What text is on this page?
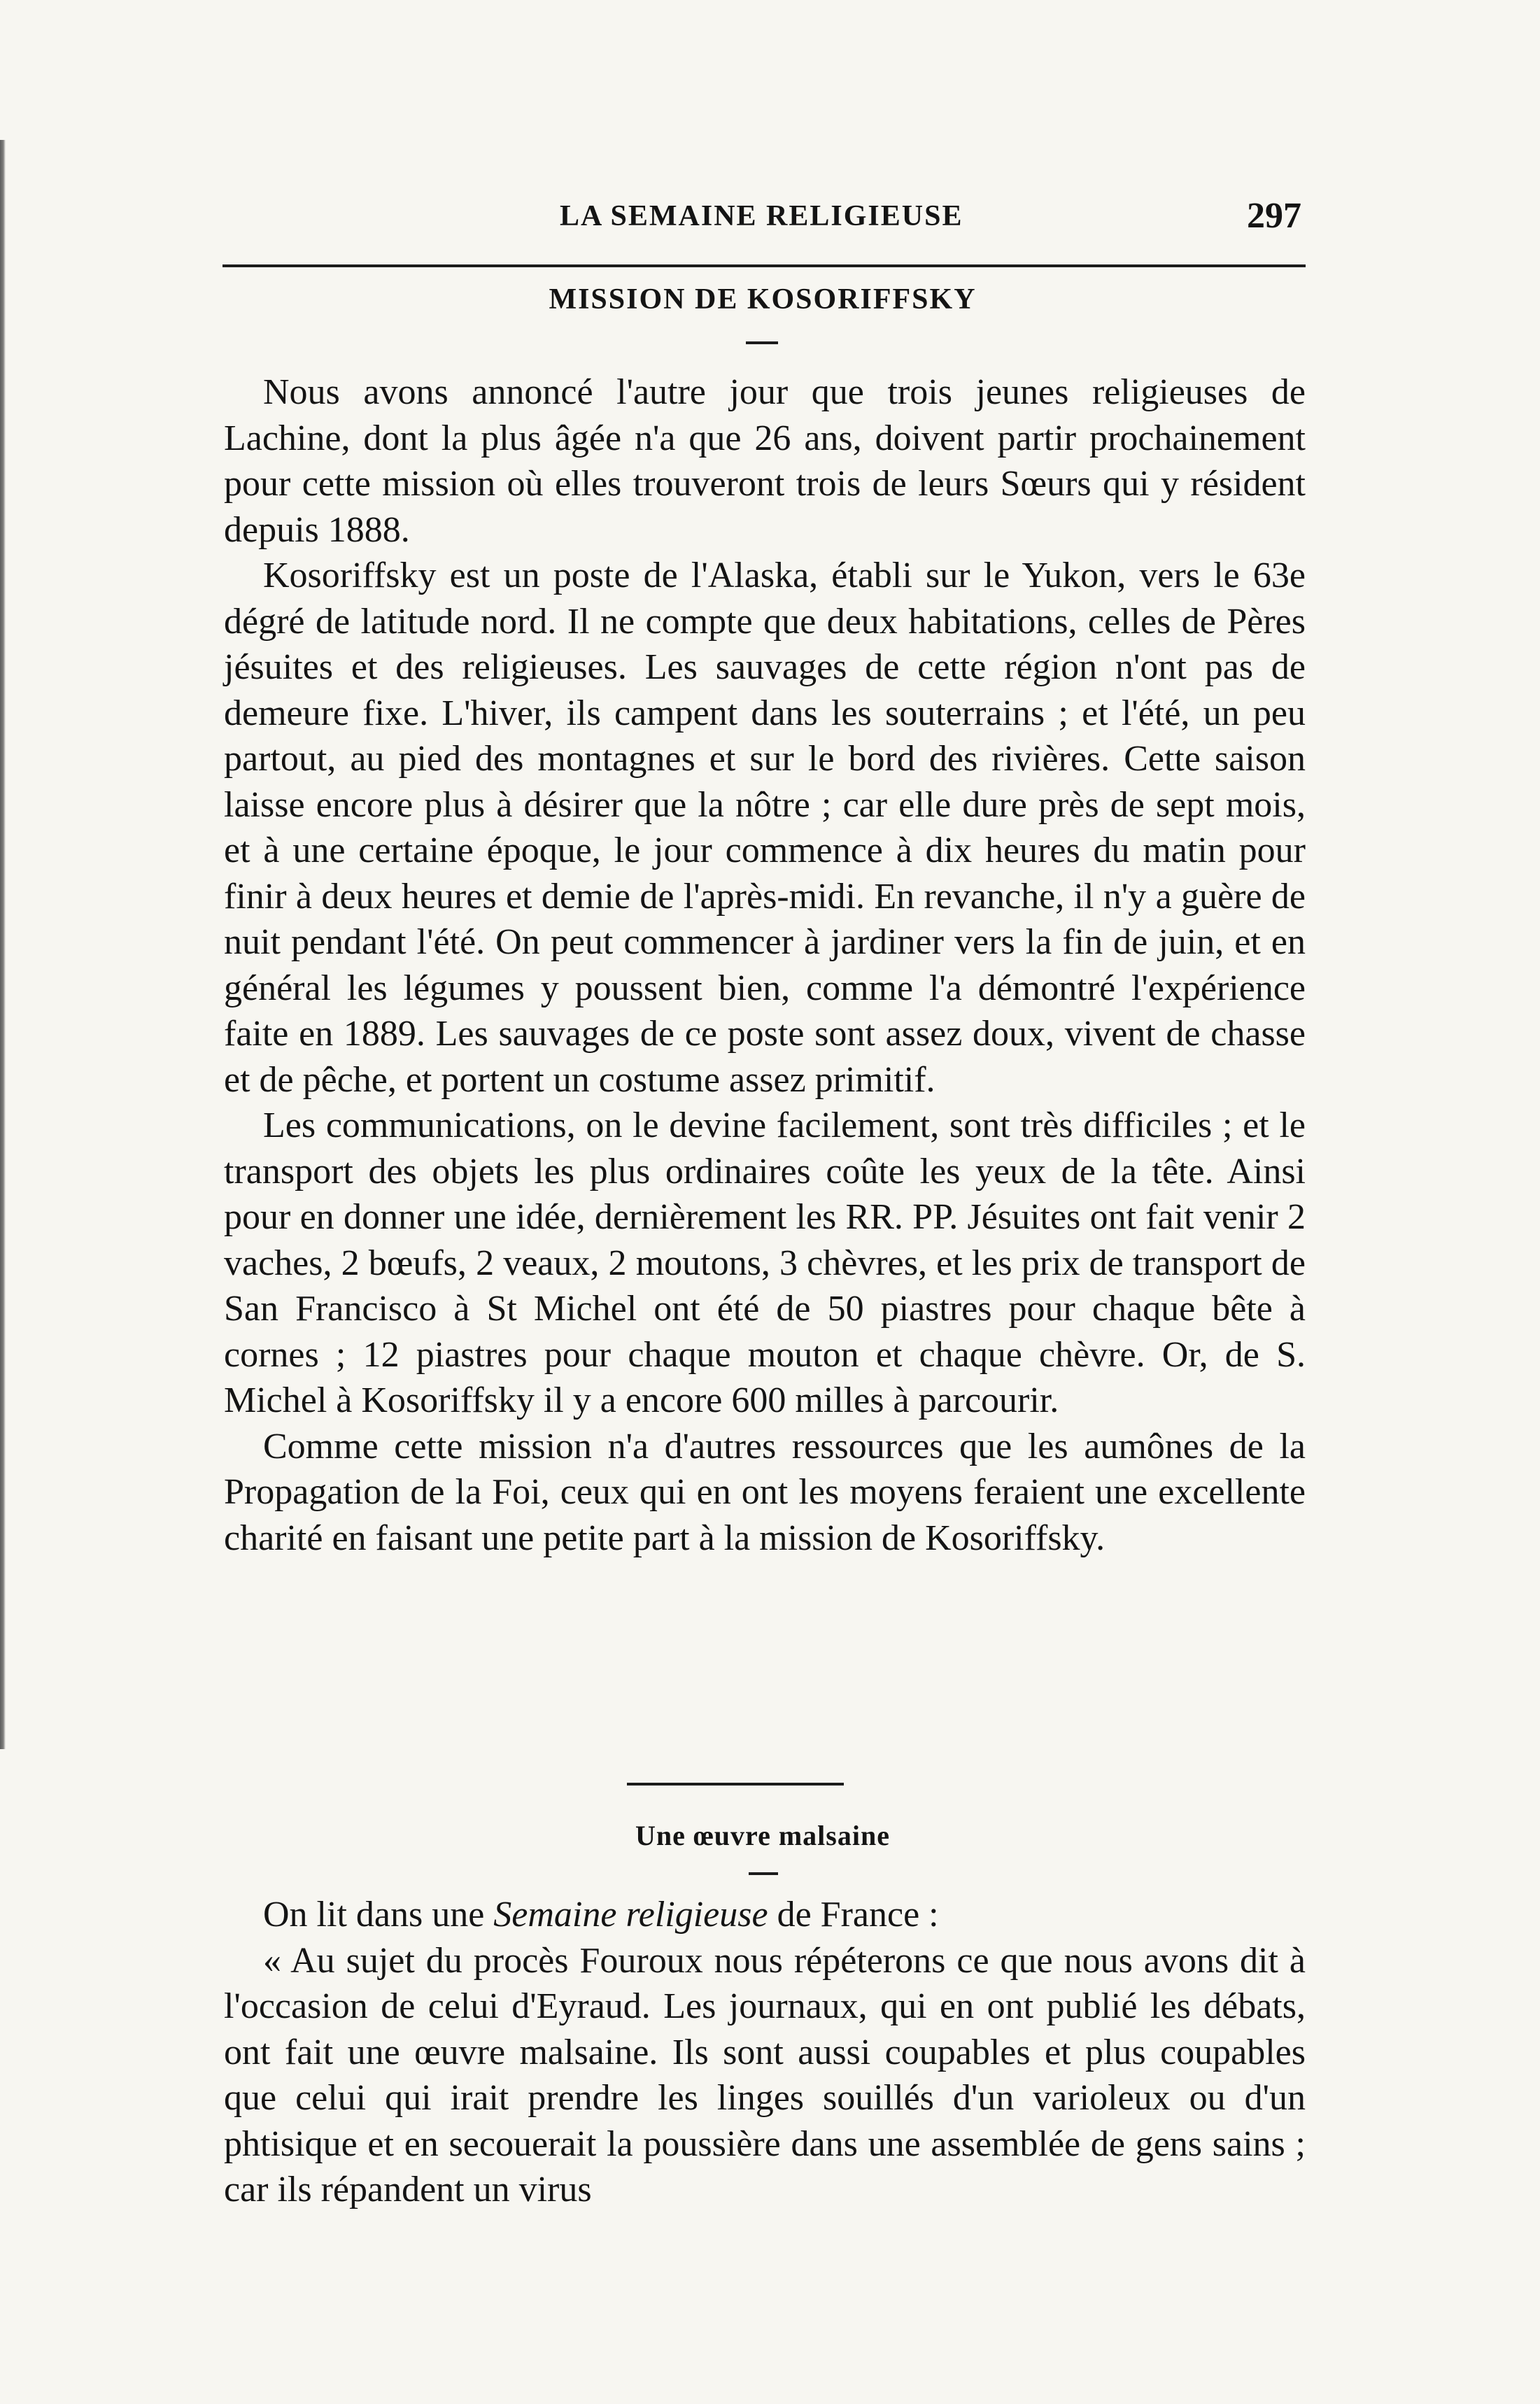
LA SEMAINE RELIGIEUSE	297
MISSION DE KOSORIFFSKY

Nous avons annoncé l'autre jour que trois jeunes religieuses de Lachine, dont la plus âgée n'a que 26 ans, doivent partir prochainement pour cette mission où elles trouveront trois de leurs Sœurs qui y résident depuis 1888.

Kosoriffsky est un poste de l'Alaska, établi sur le Yukon, vers le 63e dégré de latitude nord. Il ne compte que deux habitations, celles de Pères jésuites et des religieuses. Les sauvages de cette région n'ont pas de demeure fixe. L'hiver, ils campent dans les souterrains ; et l'été, un peu partout, au pied des montagnes et sur le bord des rivières. Cette saison laisse encore plus à désirer que la nôtre ; car elle dure près de sept mois, et à une certaine époque, le jour commence à dix heures du matin pour finir à deux heures et demie de l'après-midi. En revanche, il n'y a guère de nuit pendant l'été. On peut commencer à jardiner vers la fin de juin, et en général les légumes y poussent bien, comme l'a démontré l'expérience faite en 1889. Les sauvages de ce poste sont assez doux, vivent de chasse et de pêche, et portent un costume assez primitif.

Les communications, on le devine facilement, sont très difficiles ; et le transport des objets les plus ordinaires coûte les yeux de la tête. Ainsi pour en donner une idée, dernièrement les RR. PP. Jésuites ont fait venir 2 vaches, 2 bœufs, 2 veaux, 2 moutons, 3 chèvres, et les prix de transport de San Francisco à St Michel ont été de 50 piastres pour chaque bête à cornes ; 12 piastres pour chaque mouton et chaque chèvre. Or, de S. Michel à Kosoriffsky il y a encore 600 milles à parcourir.

Comme cette mission n'a d'autres ressources que les aumônes de la Propagation de la Foi, ceux qui en ont les moyens feraient une excellente charité en faisant une petite part à la mission de Kosoriffsky.

Une œuvre malsaine

On lit dans une Semaine religieuse de France :

« Au sujet du procès Fouroux nous répéterons ce que nous avons dit à l'occasion de celui d'Eyraud. Les journaux, qui en ont publié les débats, ont fait une œuvre malsaine. Ils sont aussi coupables et plus coupables que celui qui irait prendre les linges souillés d'un varioleux ou d'un phtisique et en secouerait la poussière dans une assemblée de gens sains ; car ils répandent un virus
